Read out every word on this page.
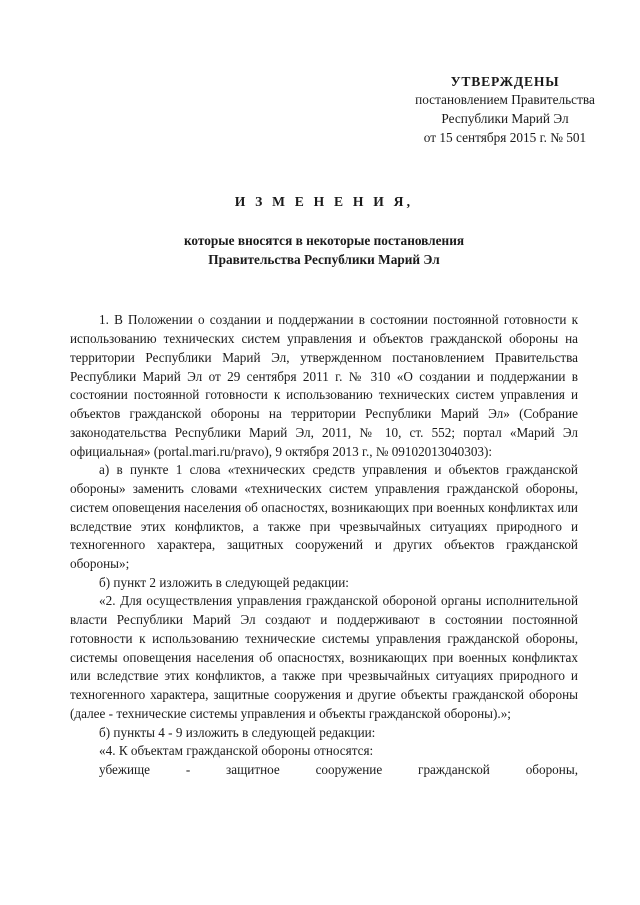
УТВЕРЖДЕНЫ
постановлением Правительства
Республики Марий Эл
от 15 сентября 2015 г. № 501
И З М Е Н Е Н И Я,
которые вносятся в некоторые постановления
Правительства Республики Марий Эл

1. В Положении о создании и поддержании в состоянии постоянной готовности к использованию технических систем управления и объектов гражданской обороны на территории Республики Марий Эл, утвержденном постановлением Правительства Республики Марий Эл от 29 сентября 2011 г. № 310 «О создании и поддержании в состоянии постоянной готовности к использованию технических систем управления и объектов гражданской обороны на территории Республики Марий Эл» (Собрание законодательства Республики Марий Эл, 2011, № 10, ст. 552; портал «Марий Эл официальная» (portal.mari.ru/pravo), 9 октября 2013 г., № 09102013040303):

а) в пункте 1 слова «технических средств управления и объектов гражданской обороны» заменить словами «технических систем управления гражданской обороны, систем оповещения населения об опасностях, возникающих при военных конфликтах или вследствие этих конфликтов, а также при чрезвычайных ситуациях природного и техногенного характера, защитных сооружений и других объектов гражданской обороны»;

б) пункт 2 изложить в следующей редакции:

«2. Для осуществления управления гражданской обороной органы исполнительной власти Республики Марий Эл создают и поддерживают в состоянии постоянной готовности к использованию технические системы управления гражданской обороны, системы оповещения населения об опасностях, возникающих при военных конфликтах или вследствие этих конфликтов, а также при чрезвычайных ситуациях природного и техногенного характера, защитные сооружения и другие объекты гражданской обороны (далее - технические системы управления и объекты гражданской обороны).»;

б) пункты 4 - 9 изложить в следующей редакции:

«4. К объектам гражданской обороны относятся:

убежище - защитное сооружение гражданской обороны,
